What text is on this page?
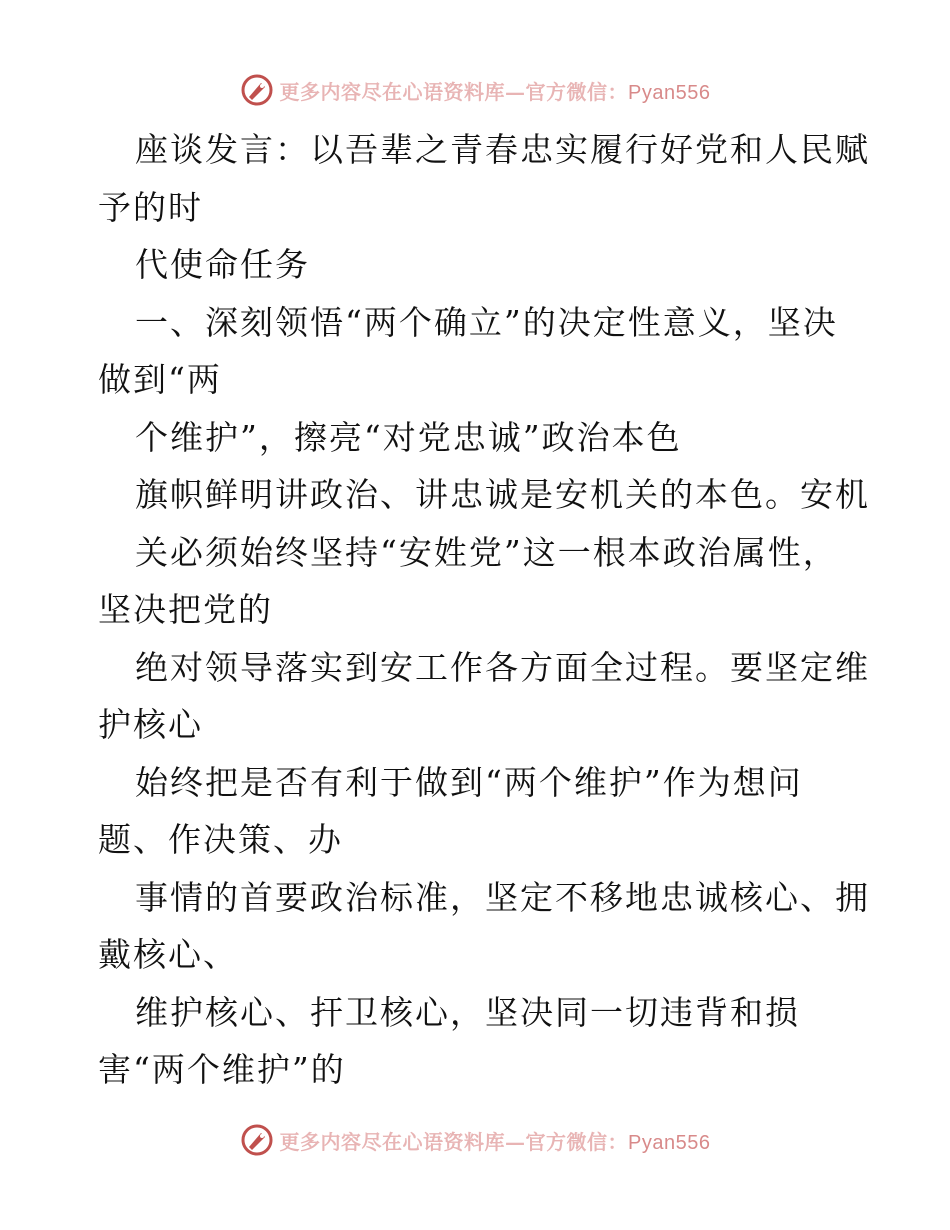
更多内容尽在心语资料库—官方微信：Pyan556
座谈发言：以吾辈之青春忠实履行好党和人民赋
予的时
代使命任务
一、深刻领悟“两个确立”的决定性意义，坚决
做到“两
个维护”，擦亮“对党忠诚”政治本色
旗帜鲜明讲政治、讲忠诚是安机关的本色。安机
关必须始终坚持“安姓党”这一根本政治属性，
坚决把党的
绝对领导落实到安工作各方面全过程。要坚定维
护核心
始终把是否有利于做到“两个维护”作为想问
题、作决策、办
事情的首要政治标准，坚定不移地忠诚核心、拥
戴核心、
维护核心、扞卫核心，坚决同一切违背和损
害“两个维护”的
更多内容尽在心语资料库—官方微信：Pyan556
